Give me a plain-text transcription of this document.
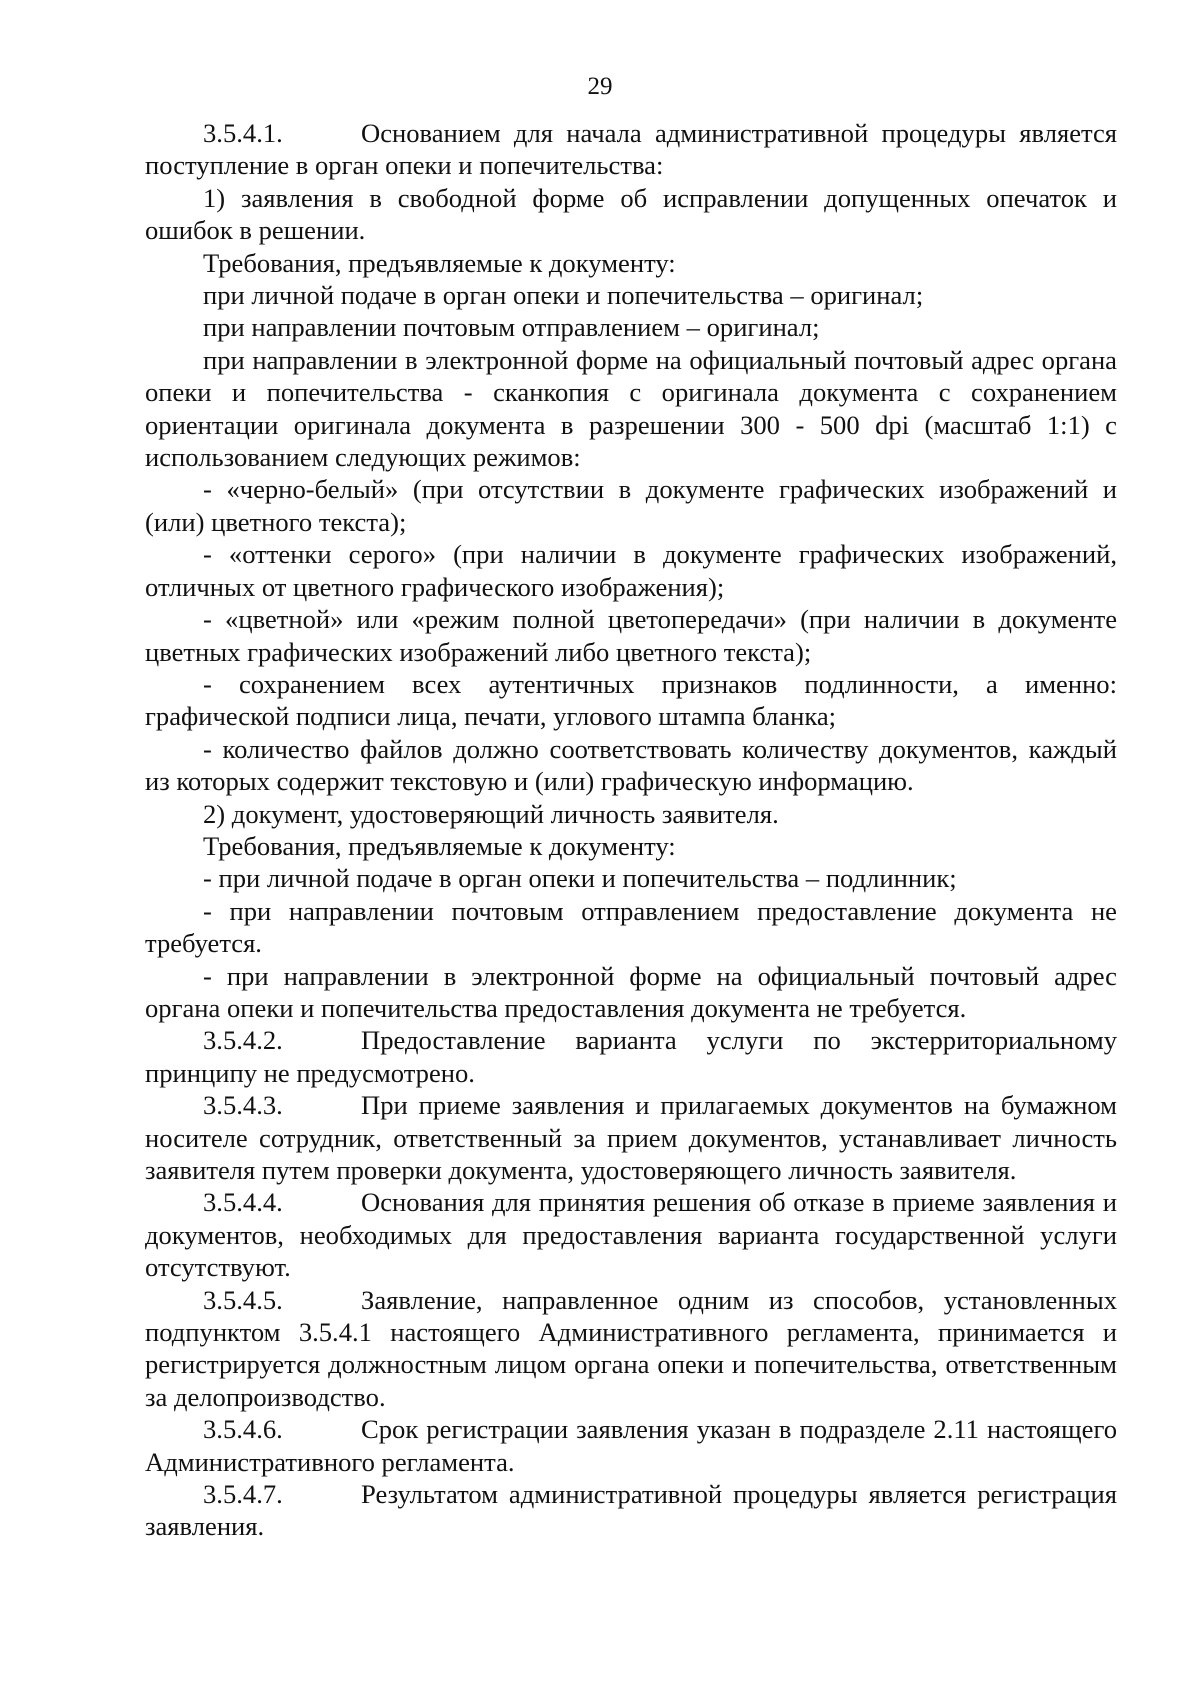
29

3.5.4.1.	Основанием для начала административной процедуры является поступление в орган опеки и попечительства:

1) заявления в свободной форме об исправлении допущенных опечаток и ошибок в решении.

Требования, предъявляемые к документу:

при личной подаче в орган опеки и попечительства – оригинал;

при направлении почтовым отправлением – оригинал;

при направлении в электронной форме на официальный почтовый адрес органа опеки и попечительства - сканкопия с оригинала документа с сохранением ориентации оригинала документа в разрешении 300 - 500 dpi (масштаб 1:1) с использованием следующих режимов:

- «черно-белый» (при отсутствии в документе графических изображений и (или) цветного текста);

- «оттенки серого» (при наличии в документе графических изображений, отличных от цветного графического изображения);

- «цветной» или «режим полной цветопередачи» (при наличии в документе цветных графических изображений либо цветного текста);

- сохранением всех аутентичных признаков подлинности, а именно: графической подписи лица, печати, углового штампа бланка;

- количество файлов должно соответствовать количеству документов, каждый из которых содержит текстовую и (или) графическую информацию.

2) документ, удостоверяющий личность заявителя.

Требования, предъявляемые к документу:

- при личной подаче в орган опеки и попечительства – подлинник;

- при направлении почтовым отправлением предоставление документа не требуется.

- при направлении в электронной форме на официальный почтовый адрес органа опеки и попечительства предоставления документа не требуется.

3.5.4.2.	Предоставление варианта услуги по экстерриториальному принципу не предусмотрено.

3.5.4.3.	При приеме заявления и прилагаемых документов на бумажном носителе сотрудник, ответственный за прием документов, устанавливает личность заявителя путем проверки документа, удостоверяющего личность заявителя.

3.5.4.4.	Основания для принятия решения об отказе в приеме заявления и документов, необходимых для предоставления варианта государственной услуги отсутствуют.

3.5.4.5.	Заявление, направленное одним из способов, установленных подпунктом 3.5.4.1 настоящего Административного регламента, принимается и регистрируется должностным лицом органа опеки и попечительства, ответственным за делопроизводство.

3.5.4.6.	Срок регистрации заявления указан в подразделе 2.11 настоящего Административного регламента.

3.5.4.7.	Результатом административной процедуры является регистрация заявления.
